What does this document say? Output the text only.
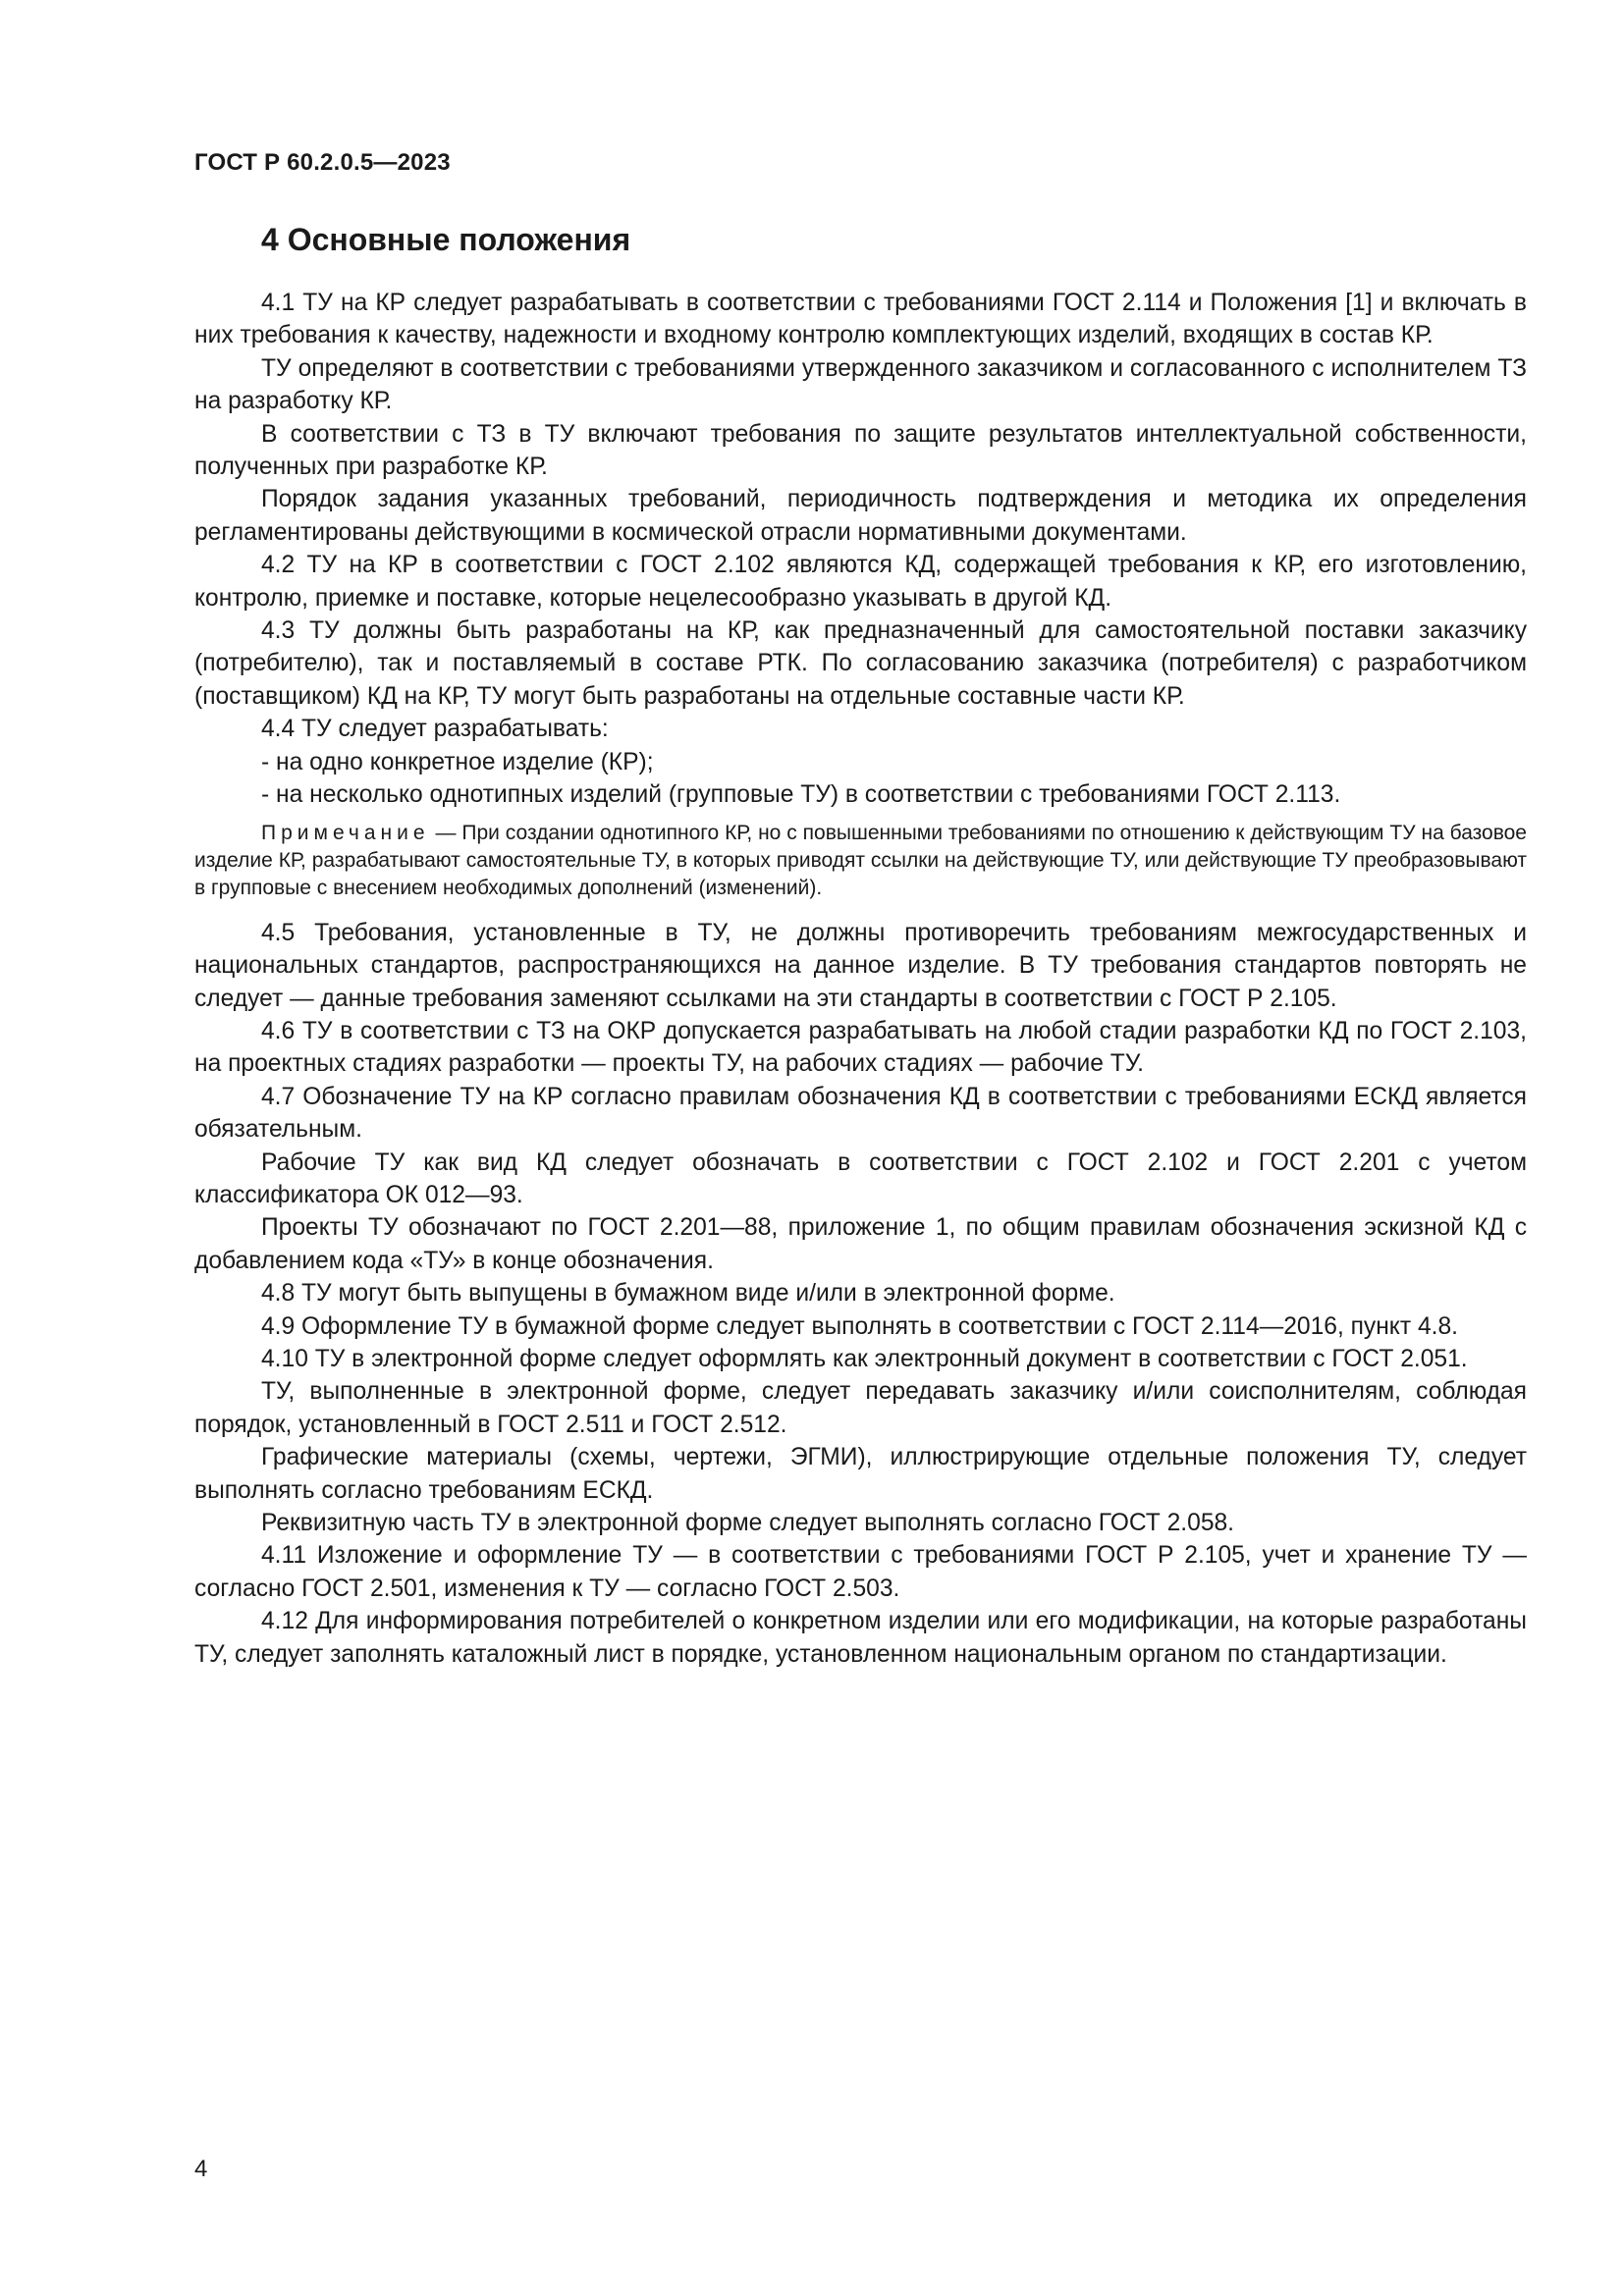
ГОСТ Р 60.2.0.5—2023
4 Основные положения

4.1 ТУ на КР следует разрабатывать в соответствии с требованиями ГОСТ 2.114 и Положения [1] и включать в них требования к качеству, надежности и входному контролю комплектующих изделий, входящих в состав КР.

ТУ определяют в соответствии с требованиями утвержденного заказчиком и согласованного с исполнителем ТЗ на разработку КР.

В соответствии с ТЗ в ТУ включают требования по защите результатов интеллектуальной собственности, полученных при разработке КР.

Порядок задания указанных требований, периодичность подтверждения и методика их определения регламентированы действующими в космической отрасли нормативными документами.

4.2 ТУ на КР в соответствии с ГОСТ 2.102 являются КД, содержащей требования к КР, его изготовлению, контролю, приемке и поставке, которые нецелесообразно указывать в другой КД.

4.3 ТУ должны быть разработаны на КР, как предназначенный для самостоятельной поставки заказчику (потребителю), так и поставляемый в составе РТК. По согласованию заказчика (потребителя) с разработчиком (поставщиком) КД на КР, ТУ могут быть разработаны на отдельные составные части КР.

4.4 ТУ следует разрабатывать:

- на одно конкретное изделие (КР);

- на несколько однотипных изделий (групповые ТУ) в соответствии с требованиями ГОСТ 2.113.

Примечание — При создании однотипного КР, но с повышенными требованиями по отношению к действующим ТУ на базовое изделие КР, разрабатывают самостоятельные ТУ, в которых приводят ссылки на действующие ТУ, или действующие ТУ преобразовывают в групповые с внесением необходимых дополнений (изменений).

4.5 Требования, установленные в ТУ, не должны противоречить требованиям межгосударственных и национальных стандартов, распространяющихся на данное изделие. В ТУ требования стандартов повторять не следует — данные требования заменяют ссылками на эти стандарты в соответствии с ГОСТ Р 2.105.

4.6 ТУ в соответствии с ТЗ на ОКР допускается разрабатывать на любой стадии разработки КД по ГОСТ 2.103, на проектных стадиях разработки — проекты ТУ, на рабочих стадиях — рабочие ТУ.

4.7 Обозначение ТУ на КР согласно правилам обозначения КД в соответствии с требованиями ЕСКД является обязательным.

Рабочие ТУ как вид КД следует обозначать в соответствии с ГОСТ 2.102 и ГОСТ 2.201 с учетом классификатора ОК 012—93.

Проекты ТУ обозначают по ГОСТ 2.201—88, приложение 1, по общим правилам обозначения эскизной КД с добавлением кода «ТУ» в конце обозначения.

4.8 ТУ могут быть выпущены в бумажном виде и/или в электронной форме.

4.9 Оформление ТУ в бумажной форме следует выполнять в соответствии с ГОСТ 2.114—2016, пункт 4.8.

4.10 ТУ в электронной форме следует оформлять как электронный документ в соответствии с ГОСТ 2.051.

ТУ, выполненные в электронной форме, следует передавать заказчику и/или соисполнителям, соблюдая порядок, установленный в ГОСТ 2.511 и ГОСТ 2.512.

Графические материалы (схемы, чертежи, ЭГМИ), иллюстрирующие отдельные положения ТУ, следует выполнять согласно требованиям ЕСКД.

Реквизитную часть ТУ в электронной форме следует выполнять согласно ГОСТ 2.058.

4.11 Изложение и оформление ТУ — в соответствии с требованиями ГОСТ Р 2.105, учет и хранение ТУ — согласно ГОСТ 2.501, изменения к ТУ — согласно ГОСТ 2.503.

4.12 Для информирования потребителей о конкретном изделии или его модификации, на которые разработаны ТУ, следует заполнять каталожный лист в порядке, установленном национальным органом по стандартизации.

4
